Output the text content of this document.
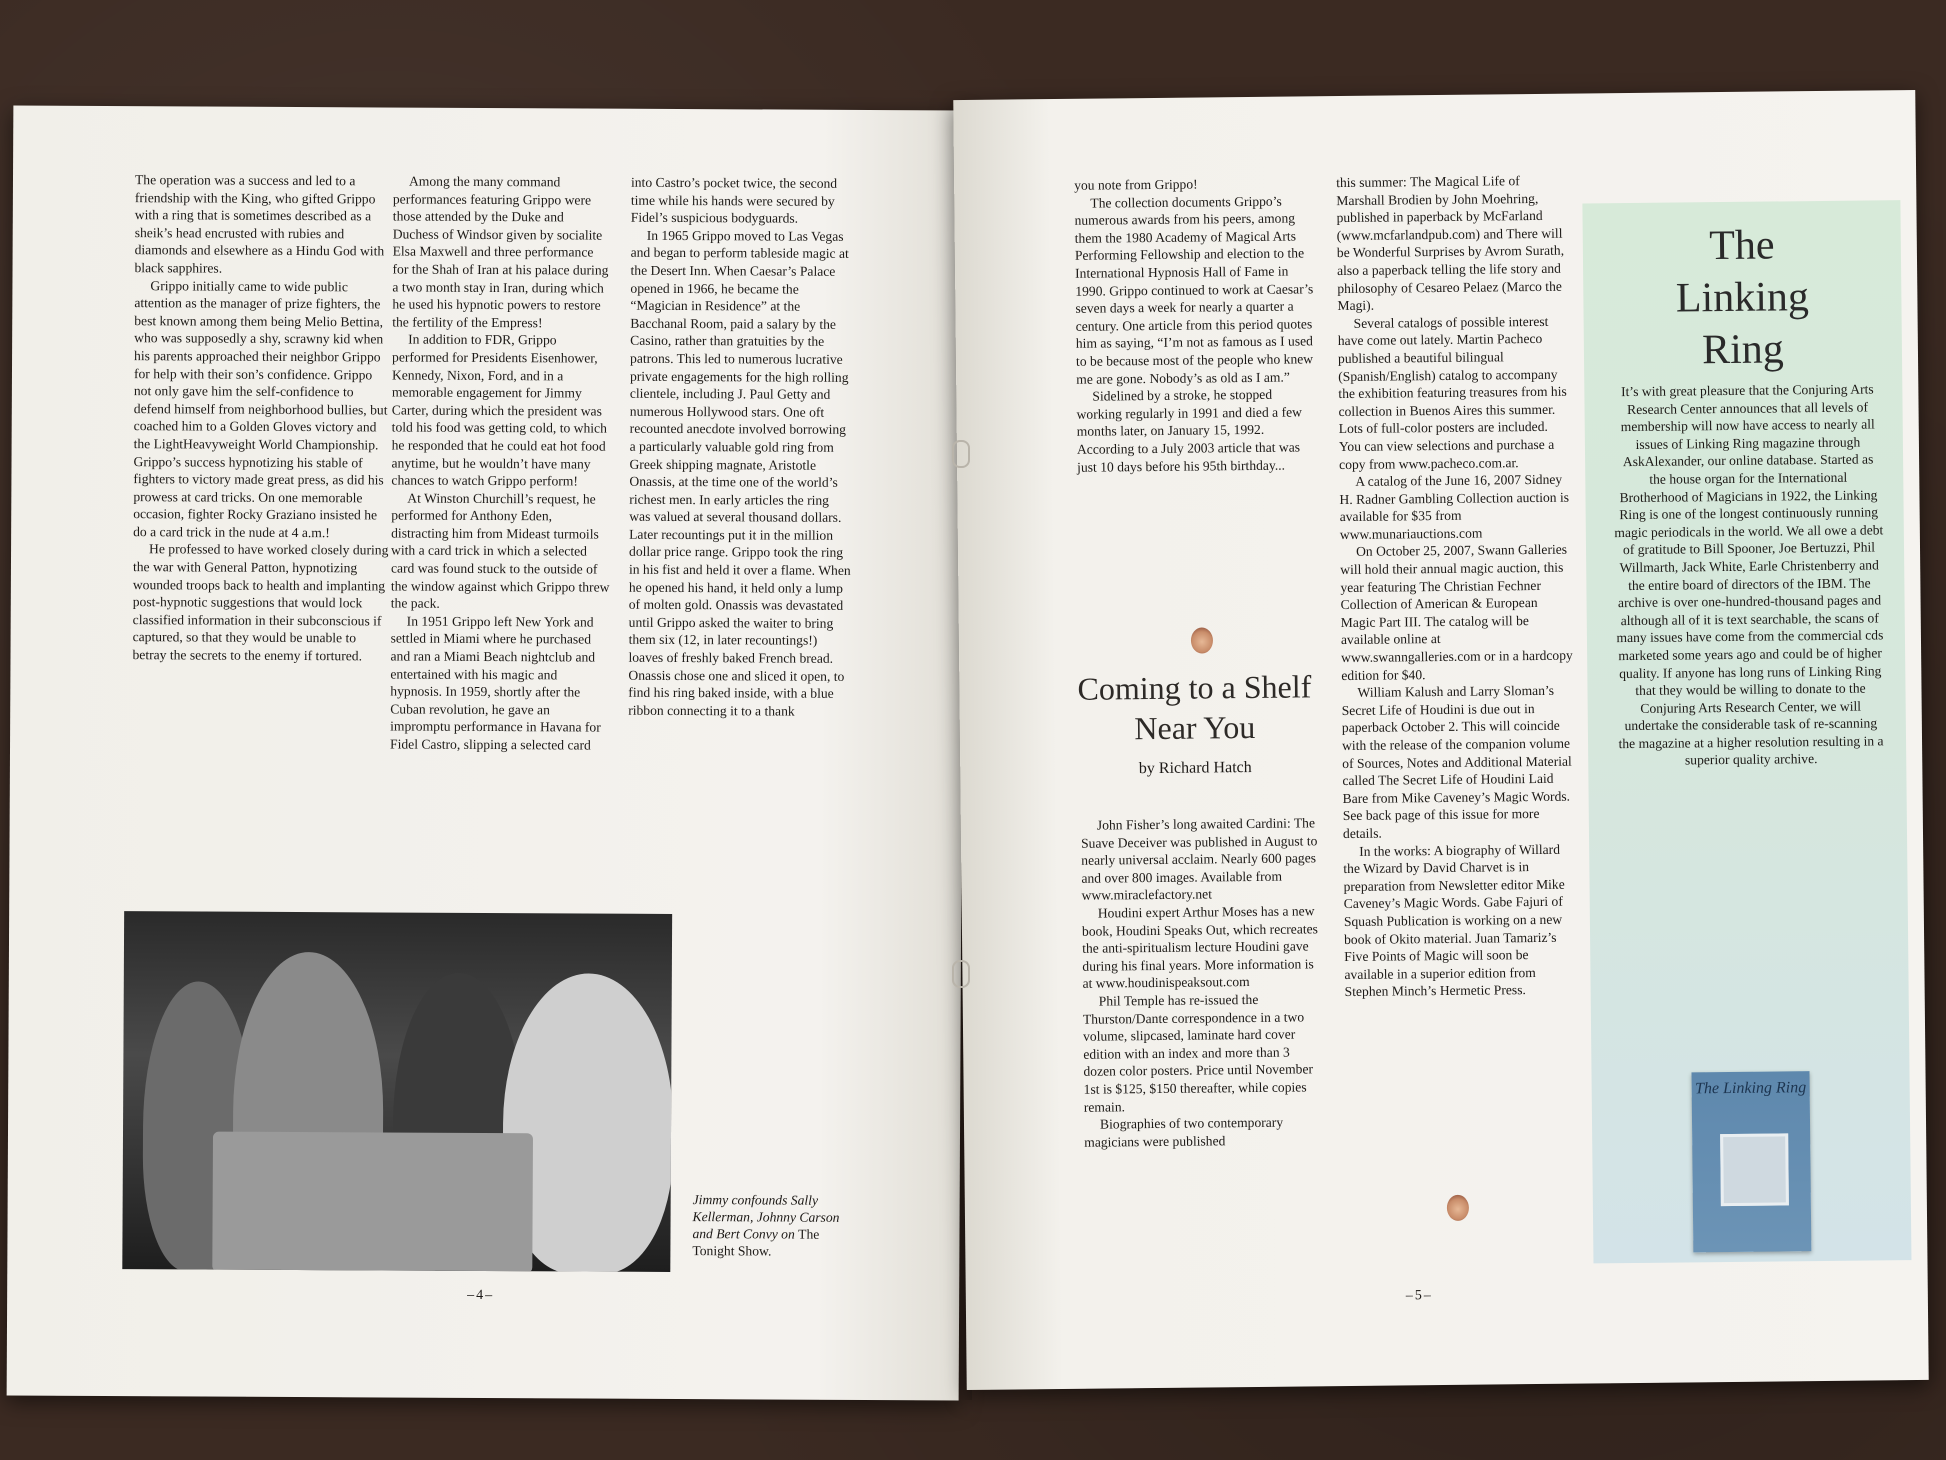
The operation was a success and led to a friendship with the King, who gifted Grippo with a ring that is sometimes described as a sheik’s head encrusted with rubies and diamonds and elsewhere as a Hindu God with black sapphires.

Grippo initially came to wide public attention as the manager of prize fighters, the best known among them being Melio Bettina, who was supposedly a shy, scrawny kid when his parents approached their neighbor Grippo for help with their son’s confidence. Grippo not only gave him the self-confidence to defend himself from neighborhood bullies, but coached him to a Golden Gloves victory and the LightHeavyweight World Championship. Grippo’s success hypnotizing his stable of fighters to victory made great press, as did his prowess at card tricks. On one memorable occasion, fighter Rocky Graziano insisted he do a card trick in the nude at 4 a.m.!

He professed to have worked closely during the war with General Patton, hypnotizing wounded troops back to health and implanting post-hypnotic suggestions that would lock classified information in their subconscious if captured, so that they would be unable to betray the secrets to the enemy if tortured.

Among the many command performances featuring Grippo were those attended by the Duke and Duchess of Windsor given by socialite Elsa Maxwell and three performance for the Shah of Iran at his palace during a two month stay in Iran, during which he used his hypnotic powers to restore the fertility of the Empress!

In addition to FDR, Grippo performed for Presidents Eisenhower, Kennedy, Nixon, Ford, and in a memorable engagement for Jimmy Carter, during which the president was told his food was getting cold, to which he responded that he could eat hot food anytime, but he wouldn’t have many chances to watch Grippo perform!

At Winston Churchill’s request, he performed for Anthony Eden, distracting him from Mideast turmoils with a card trick in which a selected card was found stuck to the outside of the window against which Grippo threw the pack.

In 1951 Grippo left New York and settled in Miami where he purchased and ran a Miami Beach nightclub and entertained with his magic and hypnosis. In 1959, shortly after the Cuban revolution, he gave an impromptu performance in Havana for Fidel Castro, slipping a selected card

into Castro’s pocket twice, the second time while his hands were secured by Fidel’s suspicious bodyguards.

In 1965 Grippo moved to Las Vegas and began to perform tableside magic at the Desert Inn. When Caesar’s Palace opened in 1966, he became the “Magician in Residence” at the Bacchanal Room, paid a salary by the Casino, rather than gratuities by the patrons. This led to numerous lucrative private engagements for the high rolling clientele, including J. Paul Getty and numerous Hollywood stars. One oft recounted anecdote involved borrowing a particularly valuable gold ring from Greek shipping magnate, Aristotle Onassis, at the time one of the world’s richest men. In early articles the ring was valued at several thousand dollars. Later recountings put it in the million dollar price range. Grippo took the ring in his fist and held it over a flame. When he opened his hand, it held only a lump of molten gold. Onassis was devastated until Grippo asked the waiter to bring them six (12, in later recountings!) loaves of freshly baked French bread. Onassis chose one and sliced it open, to find his ring baked inside, with a blue ribbon connecting it to a thank

Jimmy confounds Sally Kellerman, Johnny Carson and Bert Convy on The Tonight Show.
–4–

you note from Grippo!

The collection documents Grippo’s numerous awards from his peers, among them the 1980 Academy of Magical Arts Performing Fellowship and election to the International Hypnosis Hall of Fame in 1990. Grippo continued to work at Caesar’s seven days a week for nearly a quarter a century. One article from this period quotes him as saying, “I’m not as famous as I used to be because most of the people who knew me are gone. Nobody’s as old as I am.”

Sidelined by a stroke, he stopped working regularly in 1991 and died a few months later, on January 15, 1992. According to a July 2003 article that was just 10 days before his 95th birthday...

Coming to a Shelf Near You
by Richard Hatch

John Fisher’s long awaited Cardini: The Suave Deceiver was published in August to nearly universal acclaim. Nearly 600 pages and over 800 images. Available from www.miraclefactory.net

Houdini expert Arthur Moses has a new book, Houdini Speaks Out, which recreates the anti-spiritualism lecture Houdini gave during his final years. More information is at www.houdinispeaksout.com

Phil Temple has re-issued the Thurston/Dante correspondence in a two volume, slipcased, laminate hard cover edition with an index and more than 3 dozen color posters. Price until November 1st is $125, $150 thereafter, while copies remain.

Biographies of two contemporary magicians were published

this summer: The Magical Life of Marshall Brodien by John Moehring, published in paperback by McFarland (www.mcfarlandpub.com) and There will be Wonderful Surprises by Avrom Surath, also a paperback telling the life story and philosophy of Cesareo Pelaez (Marco the Magi).

Several catalogs of possible interest have come out lately. Martin Pacheco published a beautiful bilingual (Spanish/English) catalog to accompany the exhibition featuring treasures from his collection in Buenos Aires this summer. Lots of full-color posters are included. You can view selections and purchase a copy from www.pacheco.com.ar.

A catalog of the June 16, 2007 Sidney H. Radner Gambling Collection auction is available for $35 from www.munariauctions.com

On October 25, 2007, Swann Galleries will hold their annual magic auction, this year featuring The Christian Fechner Collection of American & European Magic Part III. The catalog will be available online at www.swanngalleries.com or in a hardcopy edition for $40.

William Kalush and Larry Sloman’s Secret Life of Houdini is due out in paperback October 2. This will coincide with the release of the companion volume of Sources, Notes and Additional Material called The Secret Life of Houdini Laid Bare from Mike Caveney’s Magic Words. See back page of this issue for more details.

In the works: A biography of Willard the Wizard by David Charvet is in preparation from Newsletter editor Mike Caveney’s Magic Words. Gabe Fajuri of Squash Publication is working on a new book of Okito material. Juan Tamariz’s Five Points of Magic will soon be available in a superior edition from Stephen Minch’s Hermetic Press.

The Linking Ring
It’s with great pleasure that the Conjuring Arts Research Center announces that all levels of membership will now have access to nearly all issues of Linking Ring magazine through AskAlexander, our online database. Started as the house organ for the International Brotherhood of Magicians in 1922, the Linking Ring is one of the longest continuously running magic periodicals in the world. We all owe a debt of gratitude to Bill Spooner, Joe Bertuzzi, Phil Willmarth, Jack White, Earle Christenberry and the entire board of directors of the IBM. The archive is over one-hundred-thousand pages and although all of it is text searchable, the scans of many issues have come from the commercial cds marketed some years ago and could be of higher quality. If anyone has long runs of Linking Ring that they would be willing to donate to the Conjuring Arts Research Center, we will undertake the considerable task of re-scanning the magazine at a higher resolution resulting in a superior quality archive.
The Linking Ring
–5–
